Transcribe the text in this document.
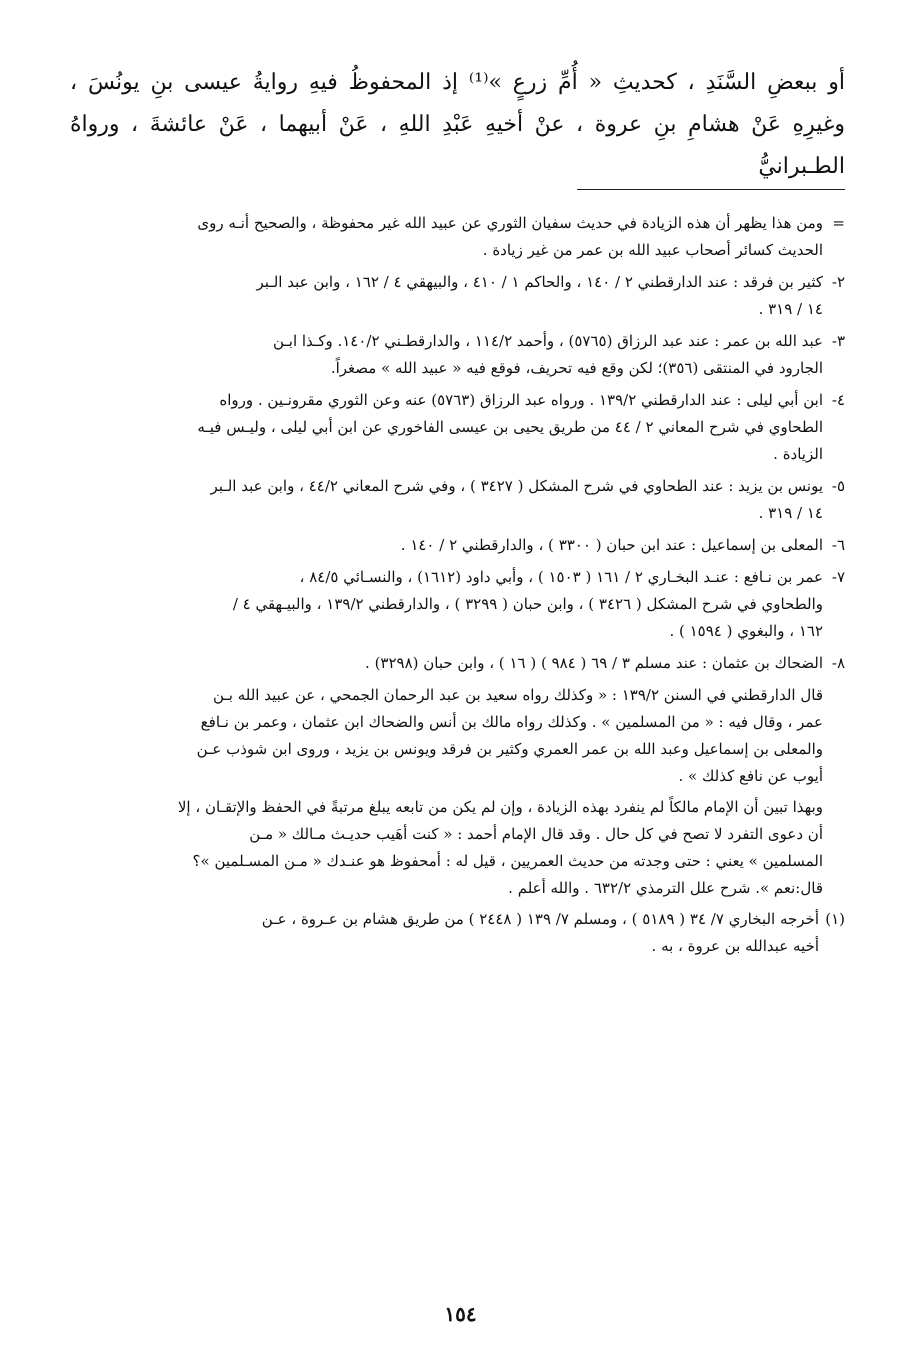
أو ببعضِ السَّنَدِ ، كحديثِ « أُمِّ زرعٍ »⁽¹⁾ إذ المحفوظُ فيهِ روايةُ عيسى بنِ يونُسَ ،
وغيرِهِ عَنْ هشامِ بنِ عروة ، عنْ أخيهِ عَبْدِ اللهِ ، عَنْ أبيهما ، عَنْ عائشةَ ، ورواهُ الطـبرانيُّ
=
ومن هذا يظهر أن هذه الزيادة في حديث سفيان الثوري عن عبيد الله غير محفوظة ، والصحيح أنـه روى
الحديث كسائر أصحاب عبيد الله بن عمر من غير زيادة .
٢-
كثير بن فرقد : عند الدارقطني ٢ / ١٤٠ ، والحاكم ١ / ٤١٠ ، والبيهقي ٤ / ١٦٢ ، وابن عبد الـبر
١٤ / ٣١٩ .
٣-
عبد الله بن عمر : عند عبد الرزاق (٥٧٦٥) ، وأحمد ١١٤/٢ ، والدارقطـني ١٤٠/٢. وكـذا ابـن
الجارود في المنتقى (٣٥٦)؛ لكن وقع فيه تحريف، فوقع فيه « عبيد الله » مصغراً.
٤-
ابن أبي ليلى : عند الدارقطني ١٣٩/٢ . ورواه عبد الرزاق (٥٧٦٣) عنه وعن الثوري مقرونـين . ورواه
الطحاوي في شرح المعاني ٢ / ٤٤ من طريق يحيى بن عيسى الفاخوري عن ابن أبي ليلى ، وليـس فيـه
الزيادة .
٥-
يونس بن يزيد : عند الطحاوي في شرح المشكل ( ٣٤٢٧ ) ، وفي شرح المعاني ٤٤/٢ ، وابن عبد الـبر
١٤ / ٣١٩ .
٦-
المعلى بن إسماعيل : عند ابن حبان ( ٣٣٠٠ ) ، والدارقطني ٢ / ١٤٠ .
٧-
عمر بن نـافع : عنـد البخـاري ٢ / ١٦١ ( ١٥٠٣ ) ، وأبي داود (١٦١٢) ، والنسـائي ٨٤/٥ ،
والطحاوي في شرح المشكل ( ٣٤٢٦ ) ، وابن حبان ( ٣٢٩٩ ) ، والدارقطني ١٣٩/٢ ، والبيـهقي ٤ /
١٦٢ ، والبغوي ( ١٥٩٤ ) .
٨-
الضحاك بن عثمان : عند مسلم ٣ / ٦٩ ( ٩٨٤ ) ( ١٦ ) ، وابن حبان (٣٢٩٨) .
قال الدارقطني في السنن ١٣٩/٢ : « وكذلك رواه سعيد بن عبد الرحمان الجمحي ، عن عبيد الله بـن
عمر ، وقال فيه : « من المسلمين » . وكذلك رواه مالك بن أنس والضحاك ابن عثمان ، وعمر بن نـافع
والمعلى بن إسماعيل وعبد الله بن عمر العمري وكثير بن فرقد ويونس بن يزيد ، وروى ابن شوذب عـن
أيوب عن نافع كذلك » .
وبهذا تبين أن الإمام مالكاً لم ينفرد بهذه الزيادة ، وإن لم يكن من تابعه يبلغ مرتبةً في الحفظ والإتقـان ، إلا
أن دعوى التفرد لا تصح في كل حال . وقد قال الإمام أحمد : « كنت أهَيب حديـث مـالك « مـن
المسلمين » يعني : حتى وجدته من حديث العمريين ، قيل له : أمحفوظ هو عنـدك « مـن المسـلمين »؟
قال:نعم ». شرح علل الترمذي ٦٣٢/٢ . والله أعلم .
(١)
أخرجه البخاري ٧/ ٣٤ ( ٥١٨٩ ) ، ومسلم ٧/ ١٣٩ ( ٢٤٤٨ ) من طريق هشام بن عـروة ، عـن
أخيه عبدالله بن عروة ، به .
١٥٤
